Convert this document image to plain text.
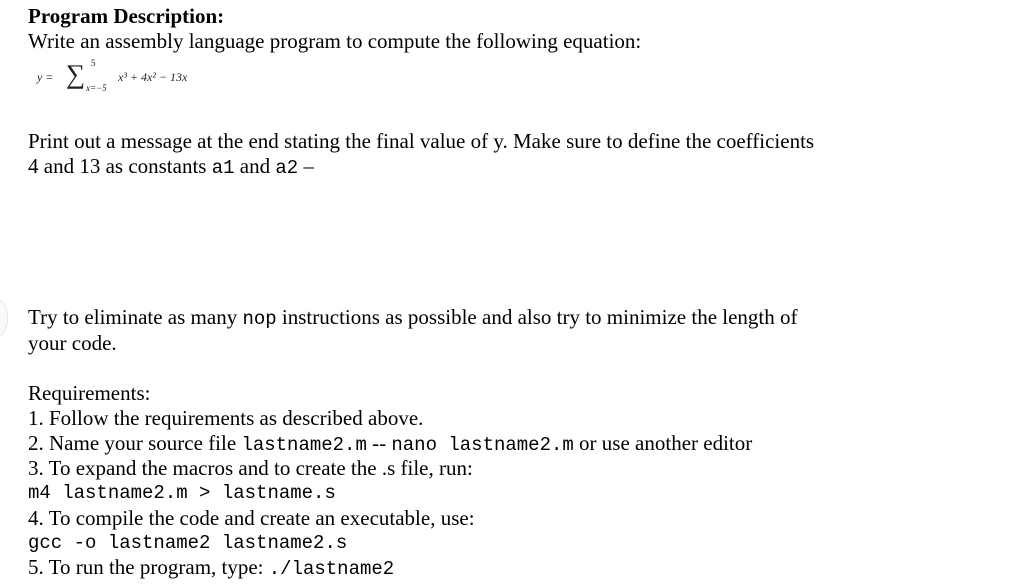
Program Description:
Write an assembly language program to compute the following equation:
y = ∑ 5
x=−5
x³ + 4x² − 13x
Print out a message at the end stating the final value of y. Make sure to define the coefficients
4 and 13 as constants a1 and a2 –
Try to eliminate as many nop instructions as possible and also try to minimize the length of
your code.
Requirements:
1. Follow the requirements as described above.
2. Name your source file lastname2.m -- nano lastname2.m or use another editor
3. To expand the macros and to create the .s file, run:
m4 lastname2.m > lastname.s
4. To compile the code and create an executable, use:
gcc -o lastname2 lastname2.s
5. To run the program, type: ./lastname2
